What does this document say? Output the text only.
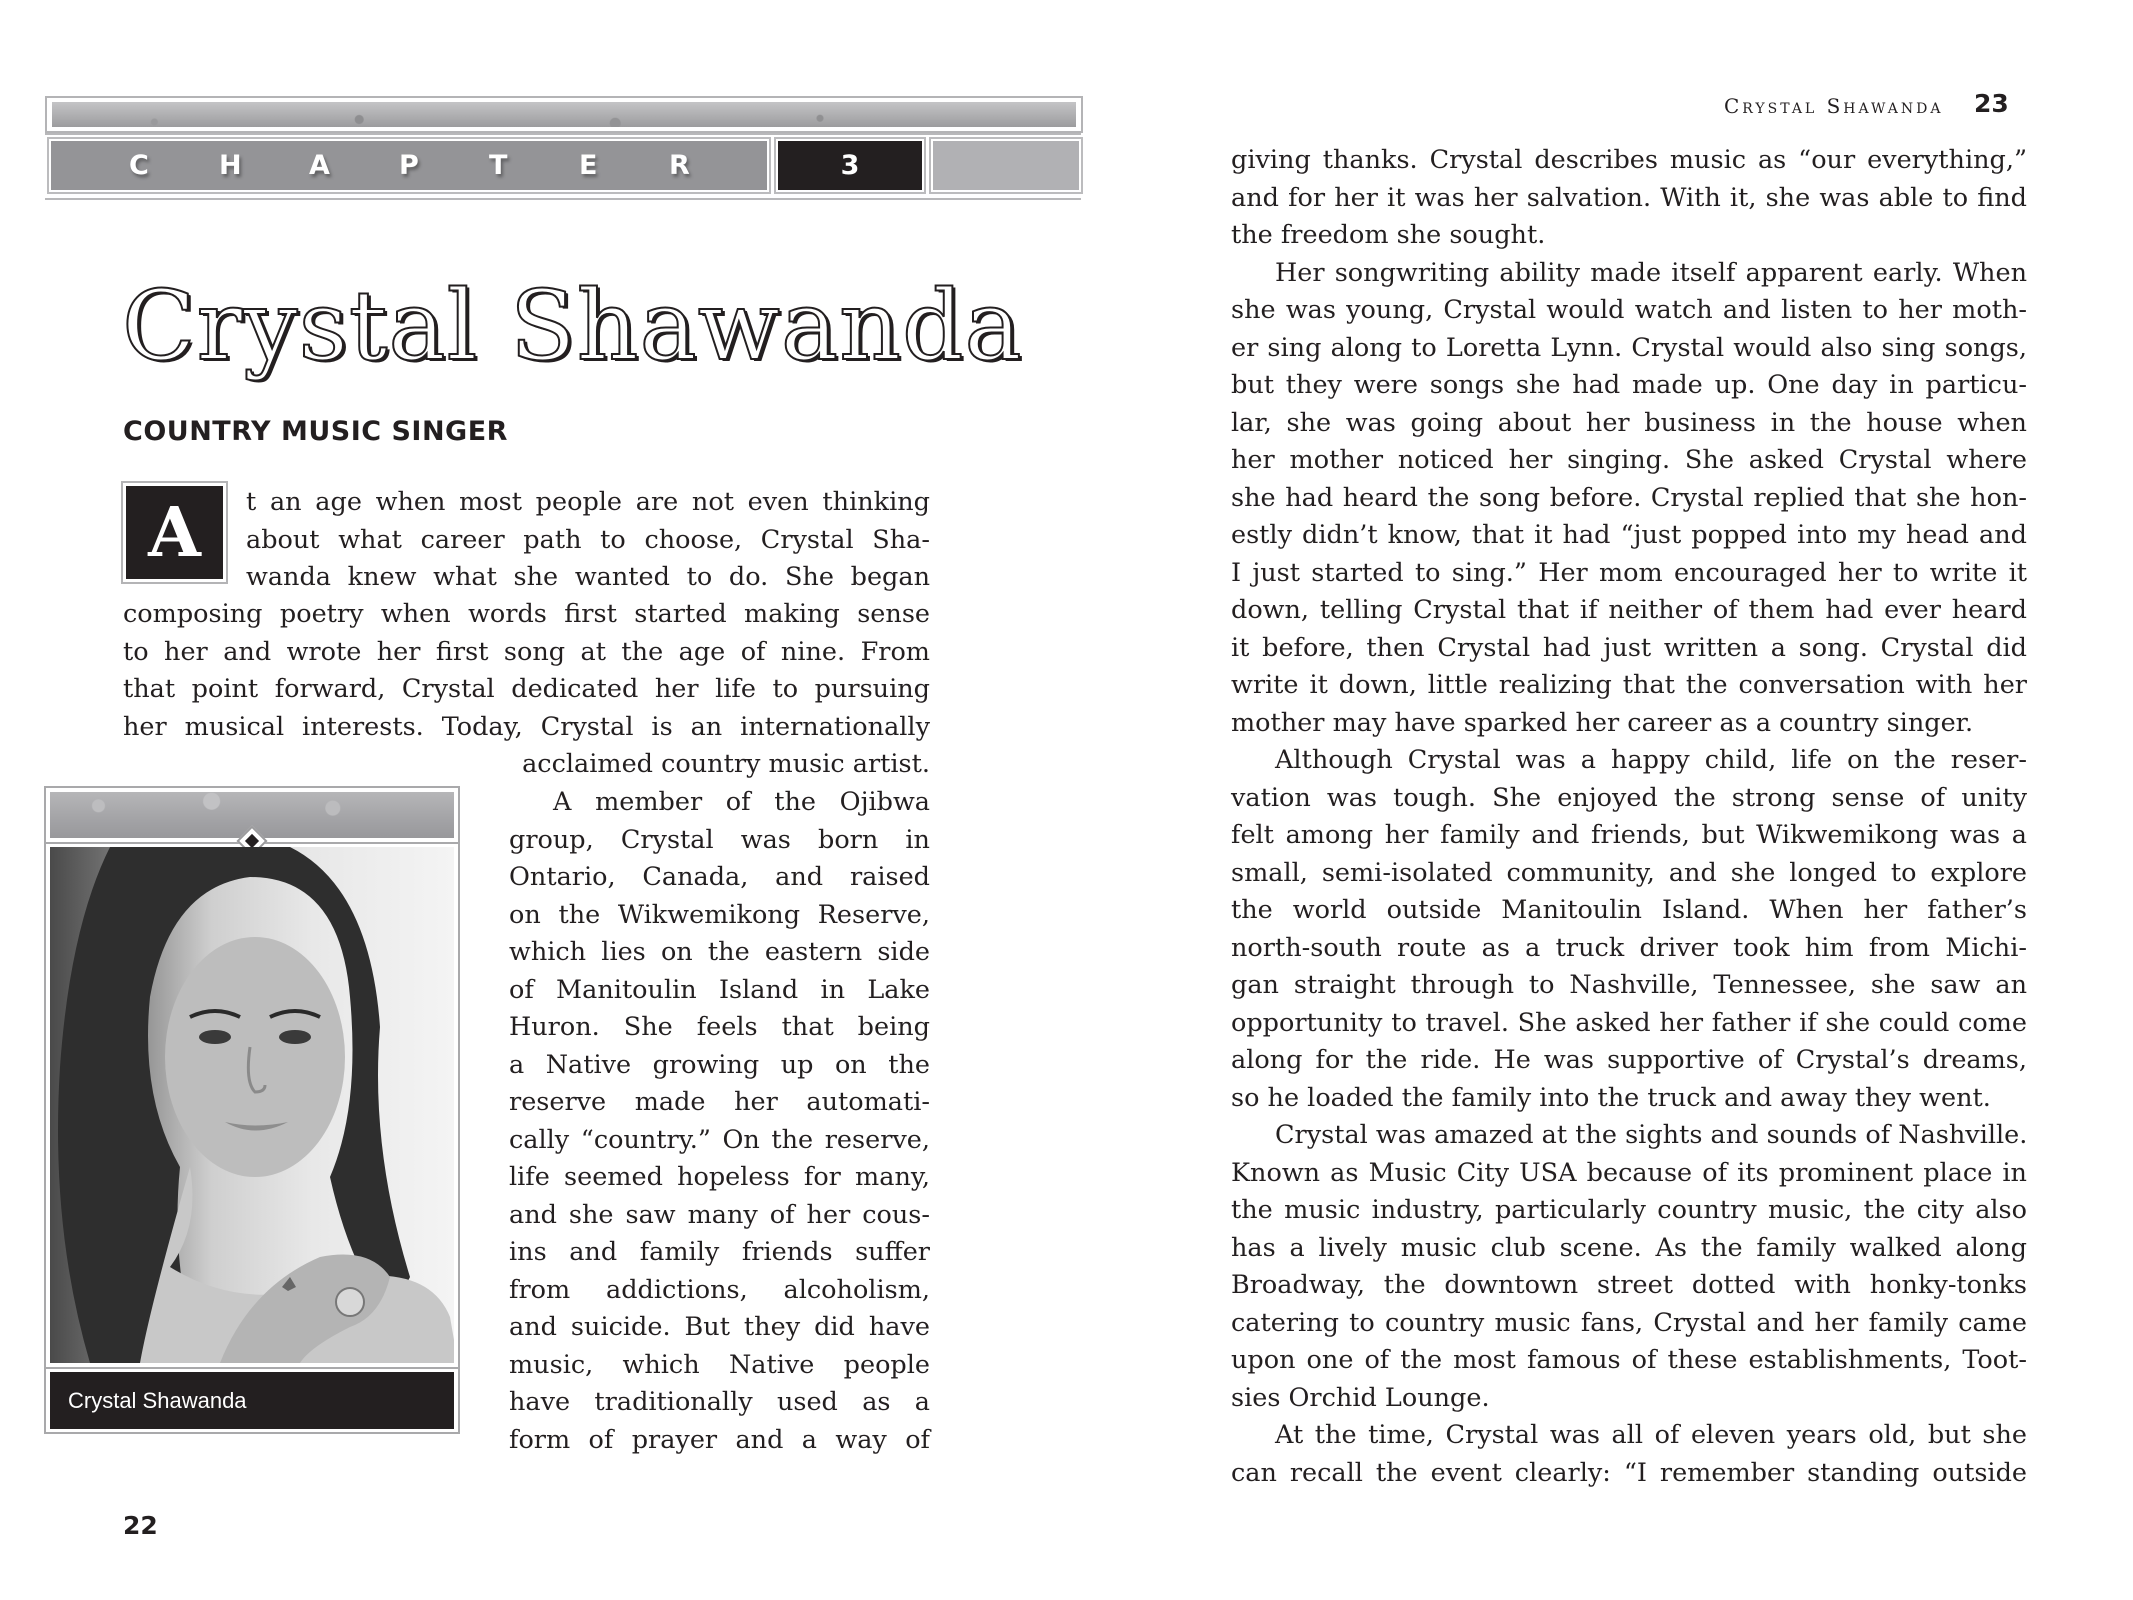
C	H	A	P	T	E	R	3
Crystal Shawanda
COUNTRY MUSIC SINGER
A	t an age when most people are not even thinking
about what career path to choose, Crystal Sha-
wanda knew what she wanted to do. She began
composing poetry when words first started making sense
to her and wrote her first song at the age of nine. From
that point forward, Crystal dedicated her life to pursuing
her musical interests. Today, Crystal is an internationally
acclaimed country music artist.
Crystal Shawanda
A member of the Ojibwa
group, Crystal was born in
Ontario, Canada, and raised
on the Wikwemikong Reserve,
which lies on the eastern side
of Manitoulin Island in Lake
Huron. She feels that being
a Native growing up on the
reserve made her automati-
cally “country.” On the reserve,
life seemed hopeless for many,
and she saw many of her cous-
ins and family friends suffer
from addictions, alcoholism,
and suicide. But they did have
music, which Native people
have traditionally used as a
form of prayer and a way of
22
Crystal Shawanda 23
giving thanks. Crystal describes music as “our everything,”
and for her it was her salvation. With it, she was able to find
the freedom she sought.
Her songwriting ability made itself apparent early. When
she was young, Crystal would watch and listen to her moth-
er sing along to Loretta Lynn. Crystal would also sing songs,
but they were songs she had made up. One day in particu-
lar, she was going about her business in the house when
her mother noticed her singing. She asked Crystal where
she had heard the song before. Crystal replied that she hon-
estly didn’t know, that it had “just popped into my head and
I just started to sing.” Her mom encouraged her to write it
down, telling Crystal that if neither of them had ever heard
it before, then Crystal had just written a song. Crystal did
write it down, little realizing that the conversation with her
mother may have sparked her career as a country singer.
Although Crystal was a happy child, life on the reser-
vation was tough. She enjoyed the strong sense of unity
felt among her family and friends, but Wikwemikong was a
small, semi-isolated community, and she longed to explore
the world outside Manitoulin Island. When her father’s
north-south route as a truck driver took him from Michi-
gan straight through to Nashville, Tennessee, she saw an
opportunity to travel. She asked her father if she could come
along for the ride. He was supportive of Crystal’s dreams,
so he loaded the family into the truck and away they went.
Crystal was amazed at the sights and sounds of Nashville.
Known as Music City USA because of its prominent place in
the music industry, particularly country music, the city also
has a lively music club scene. As the family walked along
Broadway, the downtown street dotted with honky-tonks
catering to country music fans, Crystal and her family came
upon one of the most famous of these establishments, Toot-
sies Orchid Lounge.
At the time, Crystal was all of eleven years old, but she
can recall the event clearly: “I remember standing outside
